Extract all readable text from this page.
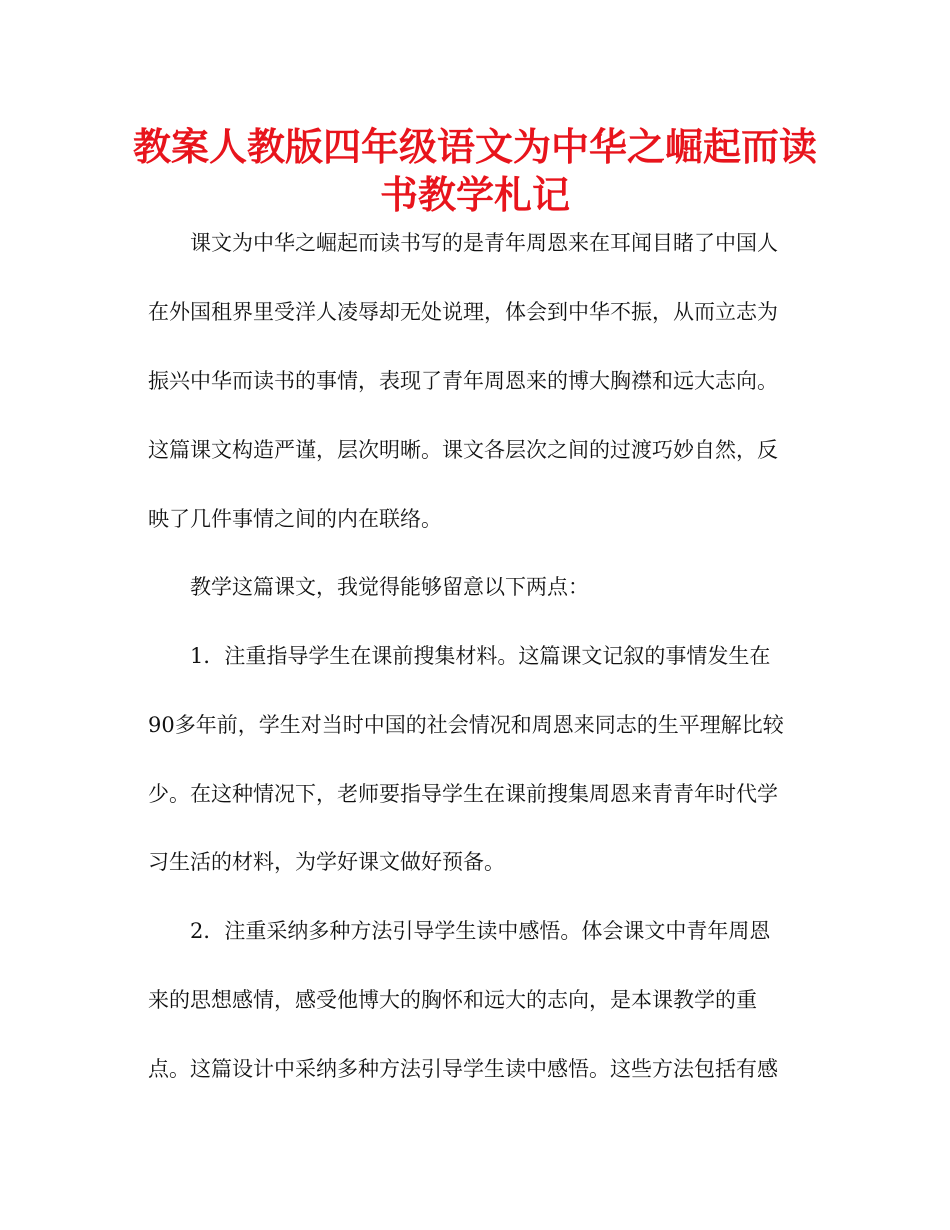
教案人教版四年级语文为中华之崛起而读
书教学札记

课文为中华之崛起而读书写的是青年周恩来在耳闻目睹了中国人

在外国租界里受洋人凌辱却无处说理，体会到中华不振，从而立志为

振兴中华而读书的事情，表现了青年周恩来的博大胸襟和远大志向。

这篇课文构造严谨，层次明晰。课文各层次之间的过渡巧妙自然，反

映了几件事情之间的内在联络。

教学这篇课文，我觉得能够留意以下两点：

1．注重指导学生在课前搜集材料。这篇课文记叙的事情发生在

90多年前，学生对当时中国的社会情况和周恩来同志的生平理解比较

少。在这种情况下，老师要指导学生在课前搜集周恩来青青年时代学

习生活的材料，为学好课文做好预备。

2．注重采纳多种方法引导学生读中感悟。体会课文中青年周恩

来的思想感情，感受他博大的胸怀和远大的志向，是本课教学的重

点。这篇设计中采纳多种方法引导学生读中感悟。这些方法包括有感
